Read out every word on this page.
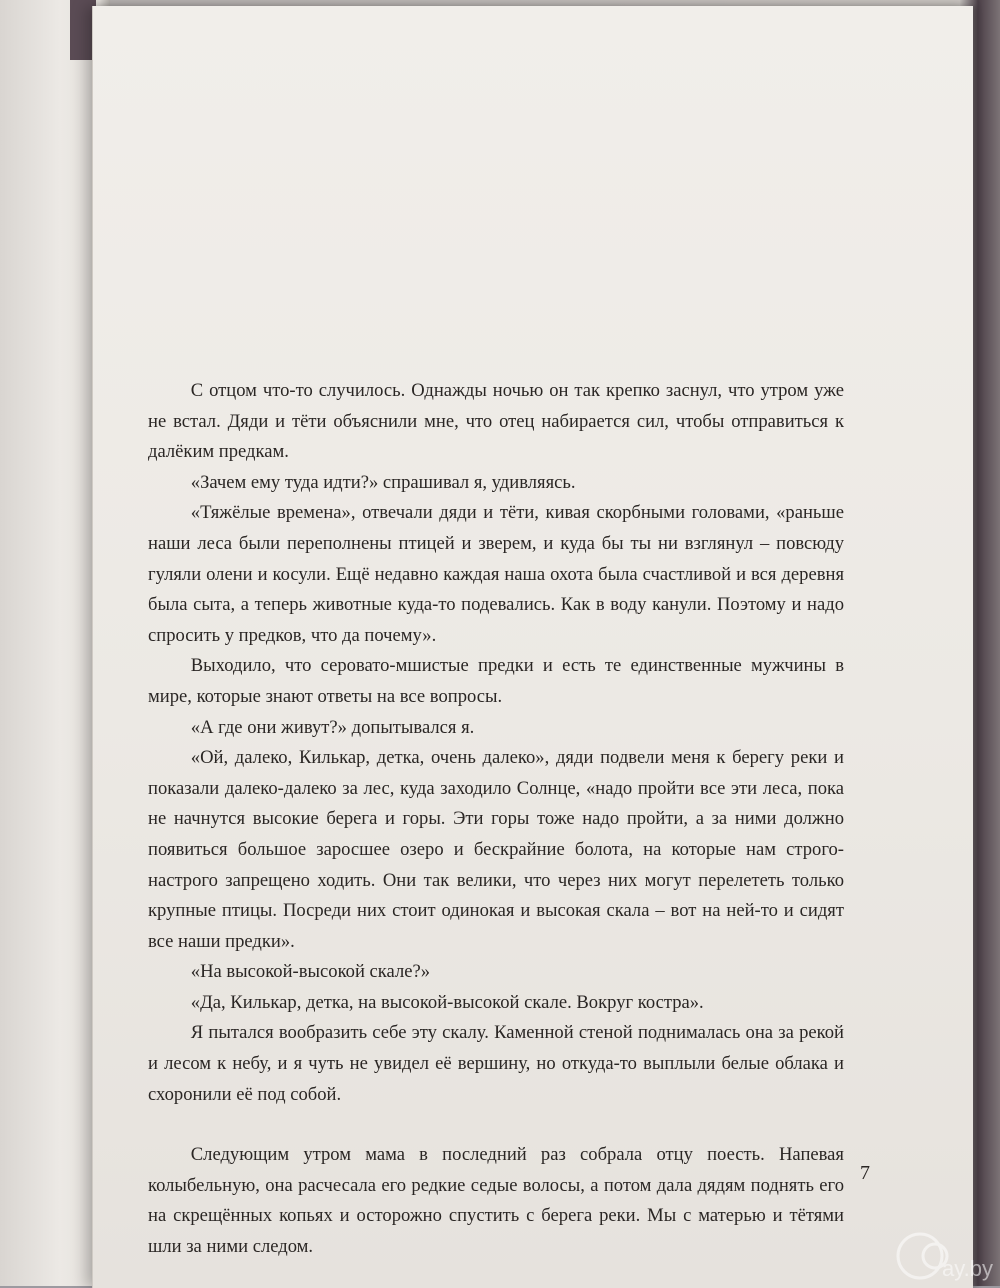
С отцом что-то случилось. Однажды ночью он так крепко заснул, что утром уже не встал. Дяди и тёти объяснили мне, что отец набирается сил, чтобы отправиться к далёким предкам.

«Зачем ему туда идти?» спрашивал я, удивляясь.

«Тяжёлые времена», отвечали дяди и тёти, кивая скорбными головами, «раньше наши леса были переполнены птицей и зверем, и куда бы ты ни взглянул – повсюду гуляли олени и косули. Ещё недавно каждая наша охота была счастливой и вся деревня была сыта, а теперь животные куда-то подевались. Как в воду канули. Поэтому и надо спросить у предков, что да почему».

Выходило, что серовато-мшистые предки и есть те единственные мужчины в мире, которые знают ответы на все вопросы.

«А где они живут?» допытывался я.

«Ой, далеко, Килькар, детка, очень далеко», дяди подвели меня к берегу реки и показали далеко-далеко за лес, куда заходило Солнце, «надо пройти все эти леса, пока не начнутся высокие берега и горы. Эти горы тоже надо пройти, а за ними должно появиться большое заросшее озеро и бескрайние болота, на которые нам строго-настрого запрещено ходить. Они так велики, что через них могут перелететь только крупные птицы. Посреди них стоит одинокая и высокая скала – вот на ней-то и сидят все наши предки».

«На высокой-высокой скале?»

«Да, Килькар, детка, на высокой-высокой скале. Вокруг костра».

Я пытался вообразить себе эту скалу. Каменной стеной поднималась она за рекой и лесом к небу, и я чуть не увидел её вершину, но откуда-то выплыли белые облака и схоронили её под собой.

Следующим утром мама в последний раз собрала отцу поесть. Напевая колыбельную, она расчесала его редкие седые волосы, а потом дала дядям поднять его на скрещённых копьях и осторожно спустить с берега реки. Мы с матерью и тётями шли за ними следом.

7
ay.by
